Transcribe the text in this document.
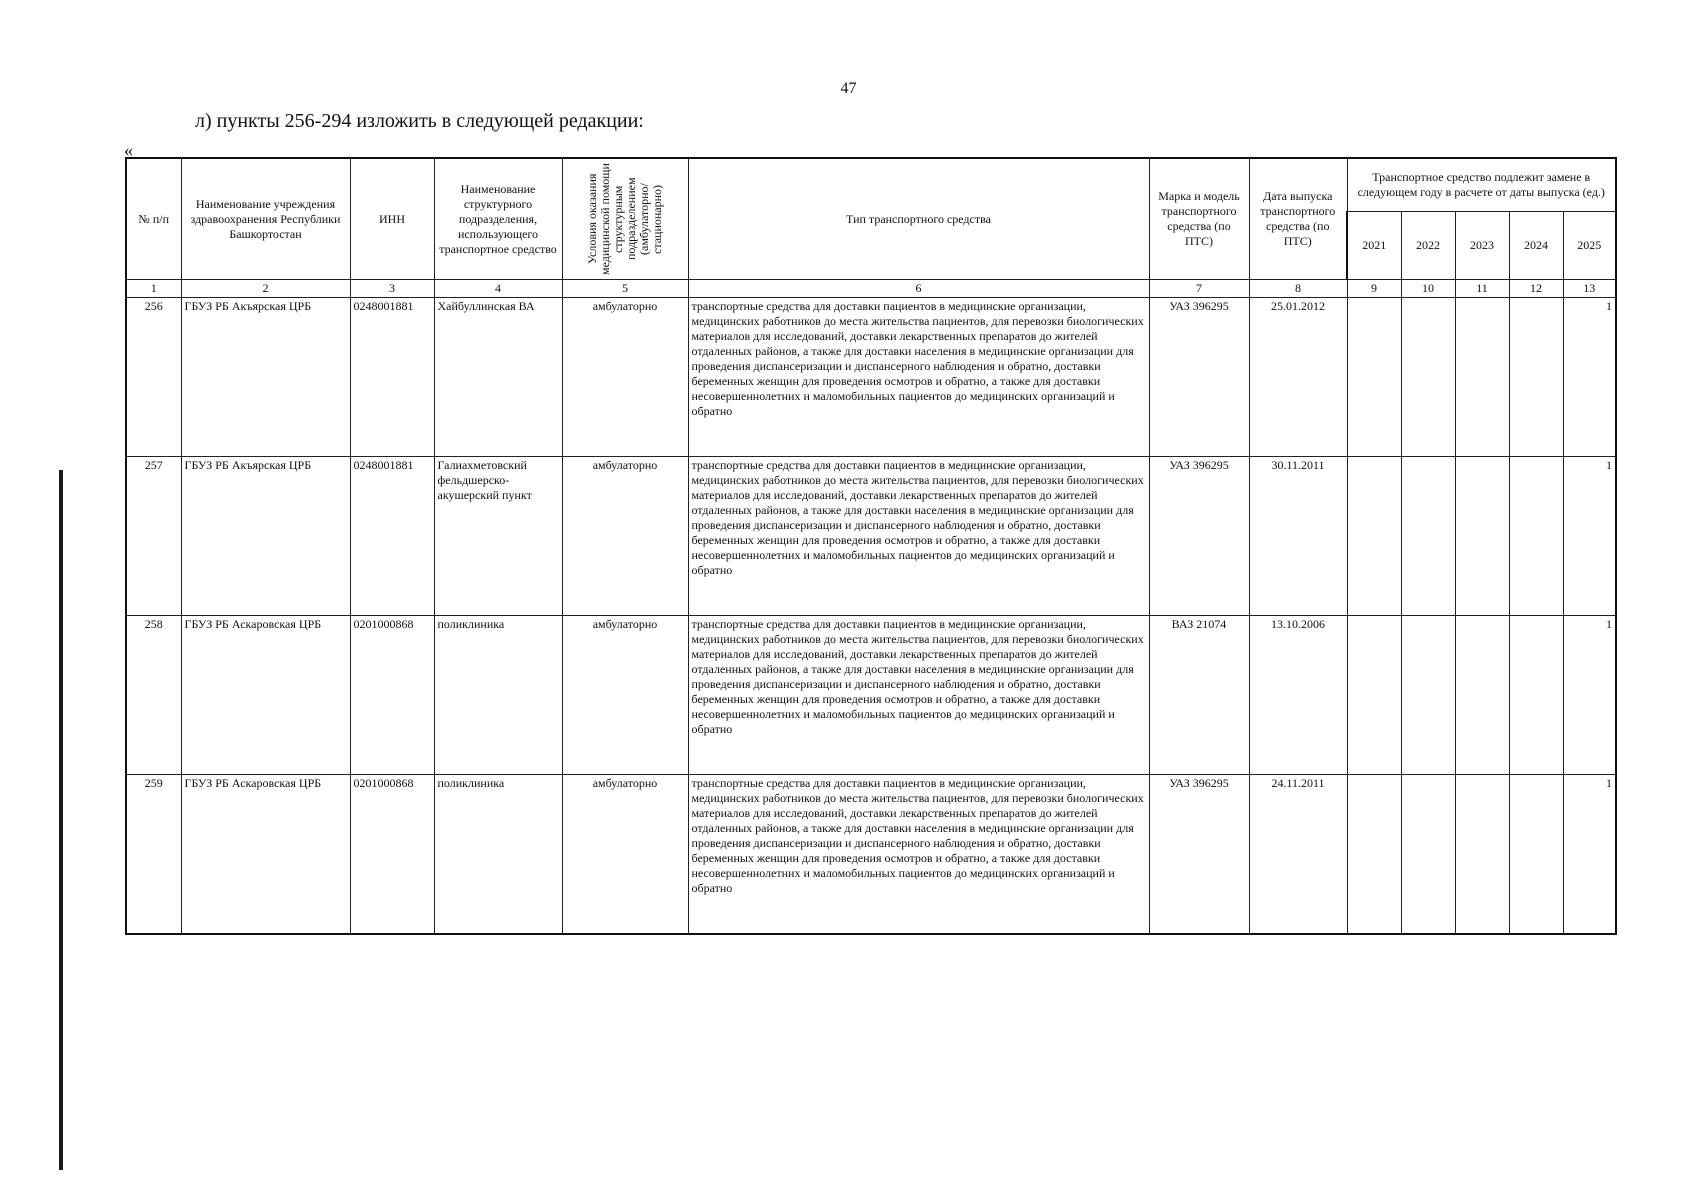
47
л) пункты 256-294 изложить в следующей редакции:
«
№ п/п	Наименование учреждения здравоохранения Республики Башкортостан	ИНН	Наименование структурного подразделения, использующего транспортное средство	Условия оказания медицинской помощи структурным подразделением (амбулаторно/ стационарно)	Тип транспортного средства	Марка и модель транспортного средства (по ПТС)	Дата выпуска транспортного средства (по ПТС)	Транспортное средство подлежит замене в следующем году в расчете от даты выпуска (ед.)				
								2021	2022	2023	2024	2025
1	2	3	4	5	6	7	8	9	10	11	12	13
256	ГБУЗ РБ Акъярская ЦРБ	0248001881	Хайбуллинская ВА	амбулаторно	транспортные средства для доставки пациентов в медицинские организации, медицинских работников до места жительства пациентов, для перевозки биологических материалов для исследований, доставки лекарственных препаратов до жителей отдаленных районов, а также для доставки населения в медицинские организации для проведения диспансеризации и диспансерного наблюдения и обратно, доставки беременных женщин для проведения осмотров и обратно, а также для доставки несовершеннолетних и маломобильных пациентов до медицинских организаций и обратно	УАЗ 396295	25.01.2012					1
257	ГБУЗ РБ Акъярская ЦРБ	0248001881	Галиахметовский фельдшерско-акушерский пункт	амбулаторно	транспортные средства для доставки пациентов в медицинские организации, медицинских работников до места жительства пациентов, для перевозки биологических материалов для исследований, доставки лекарственных препаратов до жителей отдаленных районов, а также для доставки населения в медицинские организации для проведения диспансеризации и диспансерного наблюдения и обратно, доставки беременных женщин для проведения осмотров и обратно, а также для доставки несовершеннолетних и маломобильных пациентов до медицинских организаций и обратно	УАЗ 396295	30.11.2011					1
258	ГБУЗ РБ Аскаровская ЦРБ	0201000868	поликлиника	амбулаторно	транспортные средства для доставки пациентов в медицинские организации, медицинских работников до места жительства пациентов, для перевозки биологических материалов для исследований, доставки лекарственных препаратов до жителей отдаленных районов, а также для доставки населения в медицинские организации для проведения диспансеризации и диспансерного наблюдения и обратно, доставки беременных женщин для проведения осмотров и обратно, а также для доставки несовершеннолетних и маломобильных пациентов до медицинских организаций и обратно	ВАЗ 21074	13.10.2006					1
259	ГБУЗ РБ Аскаровская ЦРБ	0201000868	поликлиника	амбулаторно	транспортные средства для доставки пациентов в медицинские организации, медицинских работников до места жительства пациентов, для перевозки биологических материалов для исследований, доставки лекарственных препаратов до жителей отдаленных районов, а также для доставки населения в медицинские организации для проведения диспансеризации и диспансерного наблюдения и обратно, доставки беременных женщин для проведения осмотров и обратно, а также для доставки несовершеннолетних и маломобильных пациентов до медицинских организаций и обратно	УАЗ 396295	24.11.2011					1
